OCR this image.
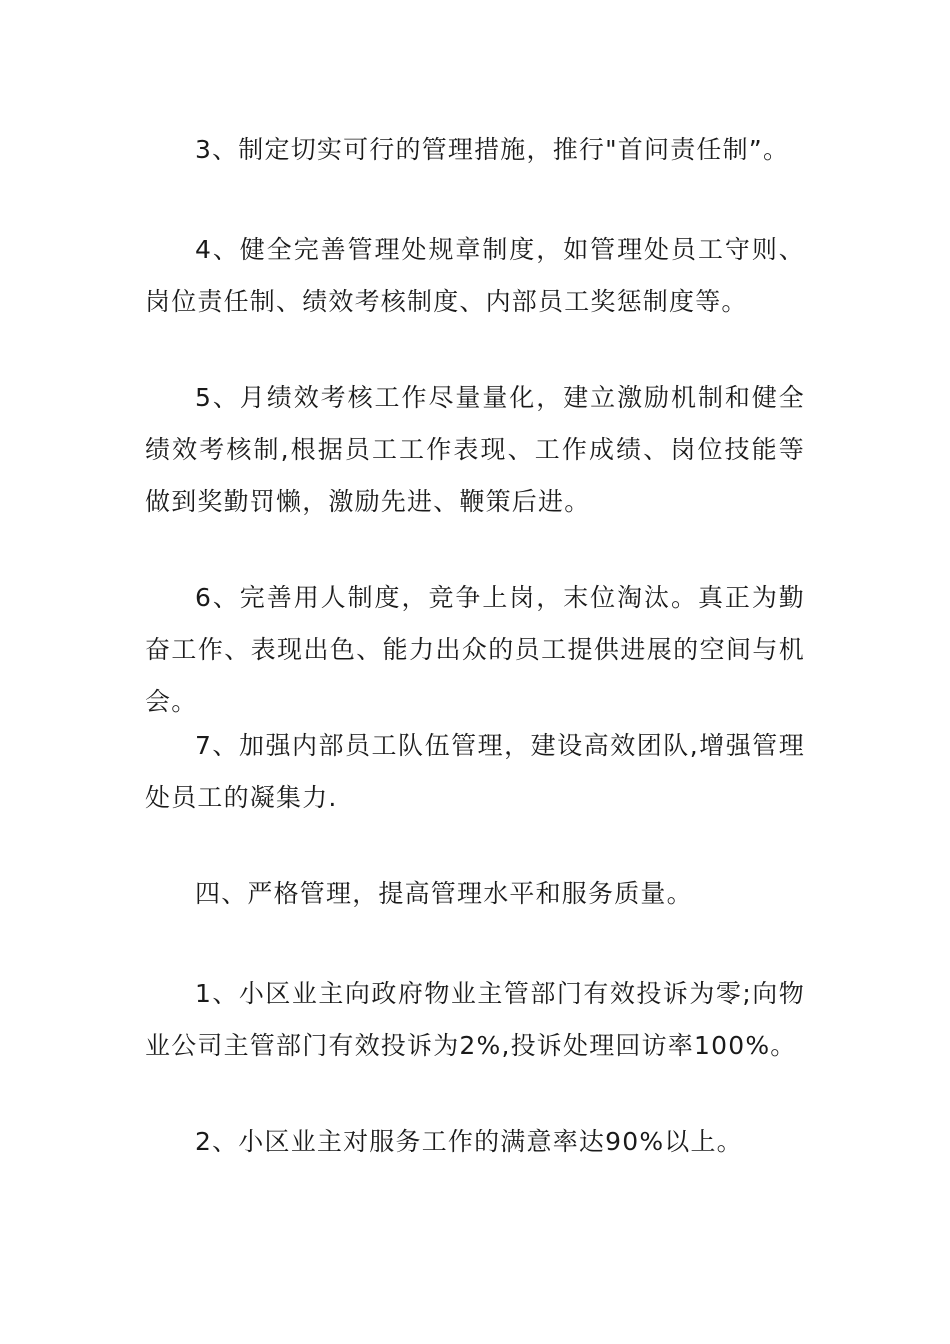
3、制定切实可行的管理措施，推行"首问责任制”。

4、健全完善管理处规章制度，如管理处员工守则、岗位责任制、绩效考核制度、内部员工奖惩制度等。

5、月绩效考核工作尽量量化，建立激励机制和健全绩效考核制,根据员工工作表现、工作成绩、岗位技能等做到奖勤罚懒，激励先进、鞭策后进。

6、完善用人制度，竞争上岗，末位淘汰。真正为勤奋工作、表现出色、能力出众的员工提供进展的空间与机会。

7、加强内部员工队伍管理，建设高效团队,增强管理处员工的凝集力.

四、严格管理，提高管理水平和服务质量。

1、小区业主向政府物业主管部门有效投诉为零;向物业公司主管部门有效投诉为2%,投诉处理回访率100%。

2、小区业主对服务工作的满意率达90%以上。
